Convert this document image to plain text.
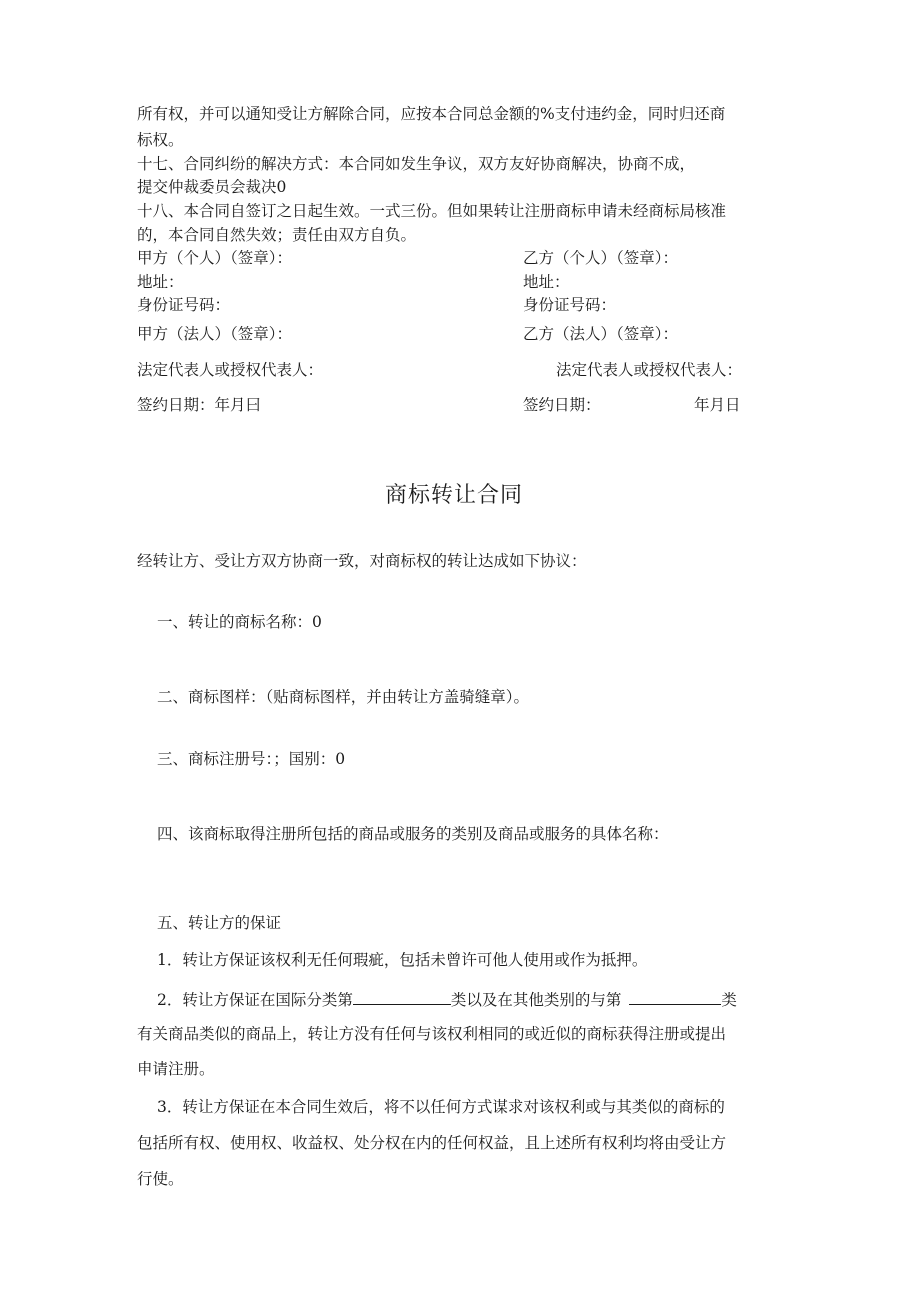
所有权，并可以通知受让方解除合同，应按本合同总金额的%支付违约金，同时归还商
标权。
十七、合同纠纷的解决方式：本合同如发生争议，双方友好协商解决，协商不成，
提交仲裁委员会裁决0
十八、本合同自签订之日起生效。一式三份。但如果转让注册商标申请未经商标局核准
的，本合同自然失效；责任由双方自负。
甲方（个人）（签章）：	乙方（个人）（签章）：
地址：	地址：
身份证号码：	身份证号码：
甲方（法人）（签章）：	乙方（法人）（签章）：
法定代表人或授权代表人：	法定代表人或授权代表人：
签约日期：年月曰	签约日期：	年月日
商标转让合同
经转让方、受让方双方协商一致，对商标权的转让达成如下协议：
一、转让的商标名称：0
二、商标图样：（贴商标图样，并由转让方盖骑缝章）。
三、商标注册号：；国别：0
四、该商标取得注册所包括的商品或服务的类别及商品或服务的具体名称：
五、转让方的保证
1．转让方保证该权利无任何瑕疵，包括未曾许可他人使用或作为抵押。
2．转让方保证在国际分类第	类以及在其他类别的与第	类
有关商品类似的商品上，转让方没有任何与该权利相同的或近似的商标获得注册或提出
申请注册。
3．转让方保证在本合同生效后，将不以任何方式谋求对该权利或与其类似的商标的
包括所有权、使用权、收益权、处分权在内的任何权益，且上述所有权利均将由受让方
行使。
